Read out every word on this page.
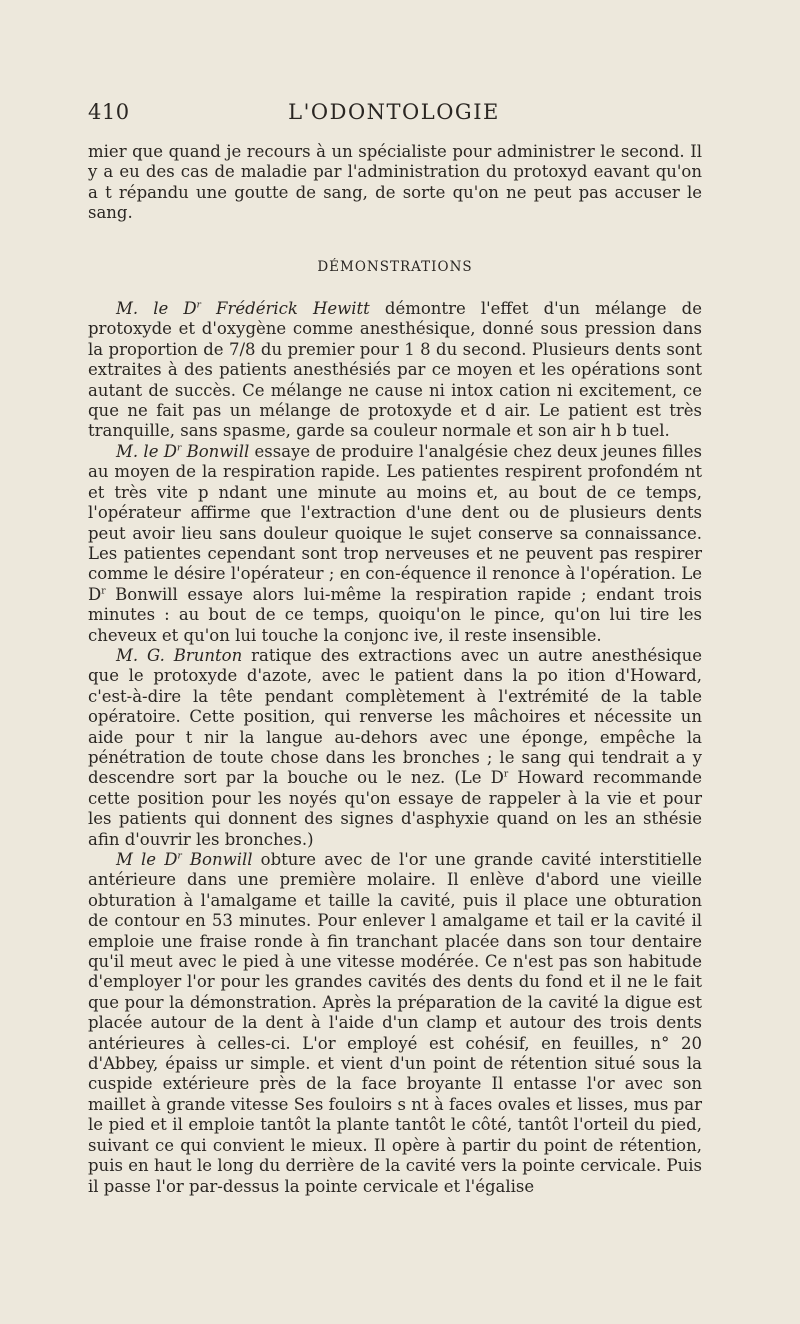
410	L'ODONTOLOGIE

mier que quand je recours à un spécialiste pour administrer le second. Il y a eu des cas de maladie par l'administration du protoxyd eavant qu'on a t répandu une goutte de sang, de sorte qu'on ne peut pas accuser le sang.

DÉMONSTRATIONS

M. le $D^r$ Frédérick Hewitt démontre l'effet d'un mélange de protoxyde et d'oxygène comme anesthésique, donné sous pression dans la proportion de 7/8 du premier pour 1 8 du second. Plusieurs dents sont extraites à des patients anesthésiés par ce moyen et les opérations sont autant de succès. Ce mélange ne cause ni intox cation ni excitement, ce que ne fait pas un mélange de protoxyde et d air. Le patient est très tranquille, sans spasme, garde sa couleur normale et son air h b tuel.

M. le $D^r$ Bonwill essaye de produire l'analgésie chez deux jeunes filles au moyen de la respiration rapide. Les patientes respirent profondém nt et très vite p ndant une minute au moins et, au bout de ce temps, l'opérateur affirme que l'extraction d'une dent ou de plusieurs dents peut avoir lieu sans douleur quoique le sujet conserve sa connaissance. Les patientes cependant sont trop nerveuses et ne peuvent pas respirer comme le désire l'opérateur ; en con-équence il renonce à l'opération. Le $D^r$ Bonwill essaye alors lui-même la respiration rapide ; endant trois minutes : au bout de ce temps, quoiqu'on le pince, qu'on lui tire les cheveux et qu'on lui touche la conjonc ive, il reste insensible.

M. G. Brunton ratique des extractions avec un autre anesthésique que le protoxyde d'azote, avec le patient dans la po ition d'Howard, c'est-à-dire la tête pendant complètement à l'extrémité de la table opératoire. Cette position, qui renverse les mâchoires et nécessite un aide pour t nir la langue au-dehors avec une éponge, empêche la pénétration de toute chose dans les bronches ; le sang qui tendrait a y descendre sort par la bouche ou le nez. (Le $D^r$ Howard recommande cette position pour les noyés qu'on essaye de rappeler à la vie et pour les patients qui donnent des signes d'asphyxie quand on les an sthésie afin d'ouvrir les bronches.)

M le $D^r$ Bonwill obture avec de l'or une grande cavité interstitielle antérieure dans une première molaire. Il enlève d'abord une vieille obturation à l'amalgame et taille la cavité, puis il place une obturation de contour en 53 minutes. Pour enlever l amalgame et tail er la cavité il emploie une fraise ronde à fin tranchant placée dans son tour dentaire qu'il meut avec le pied à une vitesse modérée. Ce n'est pas son habitude d'employer l'or pour les grandes cavités des dents du fond et il ne le fait que pour la démonstration. Après la préparation de la cavité la digue est placée autour de la dent à l'aide d'un clamp et autour des trois dents antérieures à celles-ci. L'or employé est cohésif, en feuilles, n° 20 d'Abbey, épaiss ur simple. et vient d'un point de rétention situé sous la cuspide extérieure près de la face broyante Il entasse l'or avec son maillet à grande vitesse Ses fouloirs s nt à faces ovales et lisses, mus par le pied et il emploie tantôt la plante tantôt le côté, tantôt l'orteil du pied, suivant ce qui convient le mieux. Il opère à partir du point de rétention, puis en haut le long du derrière de la cavité vers la pointe cervicale. Puis il passe l'or par-dessus la pointe cervicale et l'égalise
